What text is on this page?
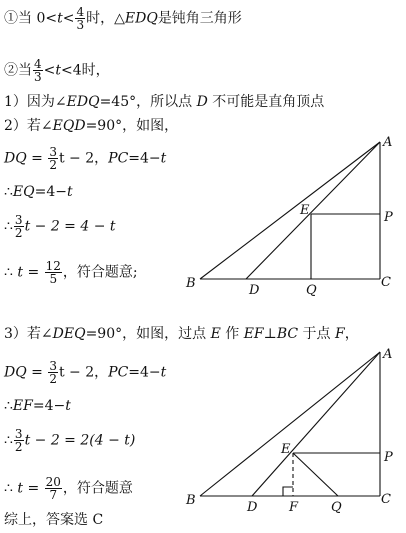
①当 $0<t< \frac{4}{3}$ 时，△EDQ是钝角三角形
②当 $\frac{4}{3} <t<4$时，
1）因为∠EDQ=45°，所以点 D 不可能是直角顶点
2）若∠EQD=90°，如图，
DQ = $\frac{3}{2}$ t − 2，PC=4−t
∴EQ=4−t
∴ $\frac{3}{2}$ t − 2 = 4 − t
∴ $t = \frac{12}{5}$ ，符合题意;
3）若∠DEQ=90°，如图，过点 E 作 EF⊥BC 于点 F，
DQ = $\frac{3}{2}$ t − 2，PC=4−t
∴EF=4−t
∴ $\frac{3}{2}$ t − 2 = 2(4 − t)
∴ $t = \frac{20}{7}$ ，符合题意
综上，答案选 C
A
B	C
D
E	P
Q
A
B	C
D
E
F
P
Q
